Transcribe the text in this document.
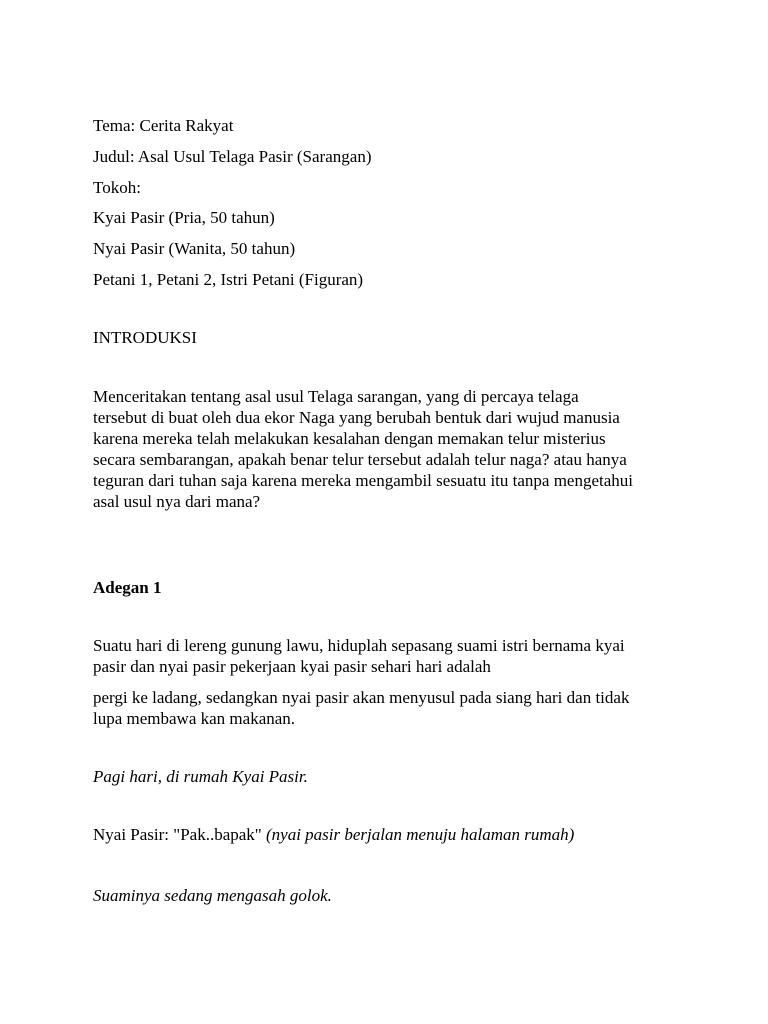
Tema: Cerita Rakyat
Judul: Asal Usul Telaga Pasir (Sarangan)
Tokoh:
Kyai Pasir (Pria, 50 tahun)
Nyai Pasir (Wanita, 50 tahun)
Petani 1, Petani 2, Istri Petani (Figuran)
INTRODUKSI
Menceritakan tentang asal usul Telaga sarangan, yang di percaya telaga
tersebut di buat oleh dua ekor Naga yang berubah bentuk dari wujud manusia
karena mereka telah melakukan kesalahan dengan memakan telur misterius
secara sembarangan, apakah benar telur tersebut adalah telur naga? atau hanya
teguran dari tuhan saja karena mereka mengambil sesuatu itu tanpa mengetahui
asal usul nya dari mana?
Adegan 1
Suatu hari di lereng gunung lawu, hiduplah sepasang suami istri bernama kyai
pasir dan nyai pasir pekerjaan kyai pasir sehari hari adalah
pergi ke ladang, sedangkan nyai pasir akan menyusul pada siang hari dan tidak
lupa membawa kan makanan.
Pagi hari, di rumah Kyai Pasir.
Nyai Pasir: "Pak..bapak" (nyai pasir berjalan menuju halaman rumah)
Suaminya sedang mengasah golok.
